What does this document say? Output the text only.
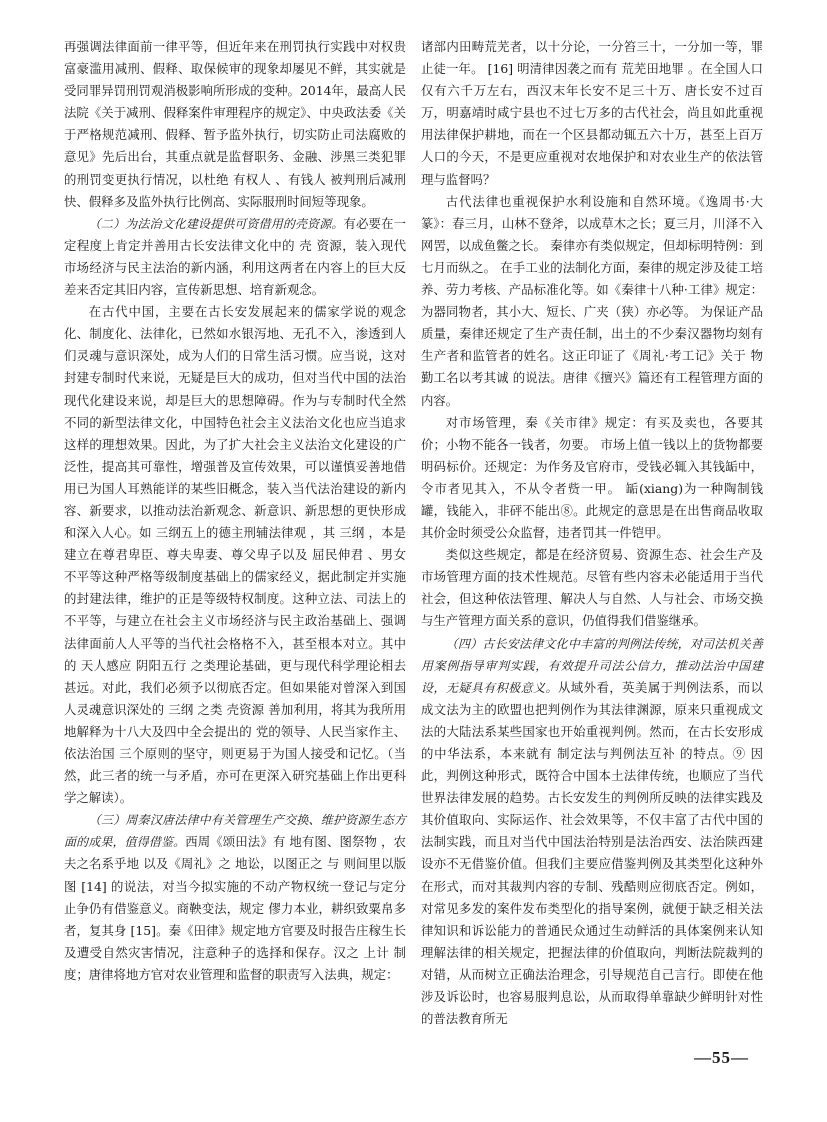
再强调法律面前一律平等，但近年来在刑罚执行实践中对权贵富豪滥用减刑、假释、取保候审的现象却屡见不鲜，其实就是受同罪异罚刑罚观消极影响所形成的变种。2014年，最高人民法院《关于减刑、假释案件审理程序的规定》、中央政法委《关于严格规范减刑、假释、暂予监外执行，切实防止司法腐败的意见》先后出台，其重点就是监督职务、金融、涉黑三类犯罪的刑罚变更执行情况，以杜绝 有权人 、有钱人 被判刑后减刑快、假释多及监外执行比例高、实际服刑时间短等现象。

（二）为法治文化建设提供可资借用的壳资源。有必要在一定程度上肯定并善用古长安法律文化中的 壳 资源，装入现代市场经济与民主法治的新内涵，利用这两者在内容上的巨大反差来否定其旧内容，宣传新思想、培育新观念。

在古代中国，主要在古长安发展起来的儒家学说的观念化、制度化、法律化，已然如水银泻地、无孔不入，渗透到人们灵魂与意识深处，成为人们的日常生活习惯。应当说，这对封建专制时代来说，无疑是巨大的成功，但对当代中国的法治现代化建设来说，却是巨大的思想障碍。作为与专制时代全然不同的新型法律文化，中国特色社会主义法治文化也应当追求这样的理想效果。因此，为了扩大社会主义法治文化建设的广泛性，提高其可靠性，增强普及宣传效果，可以谨慎妥善地借用已为国人耳熟能详的某些旧概念，装入当代法治建设的新内容、新要求，以推动法治新观念、新意识、新思想的更快形成和深入人心。如 三纲五上的德主刑辅法律观 ，其 三纲 ，本是建立在尊君卑臣、尊夫卑妻、尊父卑子以及 屈民伸君 、男女不平等这种严格等级制度基础上的儒家经义，据此制定并实施的封建法律，维护的正是等级特权制度。这种立法、司法上的不平等，与建立在社会主义市场经济与民主政治基础上、强调法律面前人人平等的当代社会格格不入，甚至根本对立。其中的 天人感应 阴阳五行 之类理论基础，更与现代科学理论相去甚远。对此，我们必须予以彻底否定。但如果能对曾深入到国人灵魂意识深处的 三纲 之类 壳资源 善加利用，将其为我所用地解释为十八大及四中全会提出的 党的领导、人民当家作主、依法治国 三个原则的坚守，则更易于为国人接受和记忆。（当然，此三者的统一与矛盾，亦可在更深入研究基础上作出更科学之解读）。

（三）周秦汉唐法律中有关管理生产交换、维护资源生态方面的成果，值得借鉴。西周《颂田法》有 地有图、图祭物 ，农夫之名系乎地 以及《周礼》之 地讼，以图正之 与 则间里以版图 [14] 的说法，对当今拟实施的不动产物权统一登记与定分止争仍有借鉴意义。商鞅变法，规定 僇力本业，耕织致粟帛多者，复其身 [15]。秦《田律》规定地方官要及时报告庄稼生长及遭受自然灾害情况，注意种子的选择和保存。汉之 上计 制度；唐律将地方官对农业管理和监督的职责写入法典，规定：

诸部内田畴荒芜者，以十分论，一分笞三十，一分加一等，罪止徒一年。 [16] 明清律因袭之而有 荒芜田地罪 。在全国人口仅有六千万左右，西汉末年长安不足三十万、唐长安不过百万，明嘉靖时咸宁县也不过七万多的古代社会，尚且如此重视用法律保护耕地，而在一个区县都动辄五六十万，甚至上百万人口的今天，不是更应重视对农地保护和对农业生产的依法管理与监督吗？

古代法律也重视保护水利设施和自然环境。《逸周书·大篆》：春三月，山林不登斧，以成草木之长；夏三月，川泽不入网罟，以成鱼鳖之长。 秦律亦有类似规定，但却标明特例：到七月而纵之。 在手工业的法制化方面，秦律的规定涉及徒工培养、劳力考核、产品标准化等。如《秦律十八种·工律》规定：为器同物者，其小大、短长、广夹（狭）亦必等。 为保证产品质量，秦律还规定了生产责任制，出土的不少秦汉器物均刻有生产者和监管者的姓名。这正印证了《周礼·考工记》关于 物勤工名以考其诚 的说法。唐律《擅兴》篇还有工程管理方面的内容。

对市场管理，秦《关市律》规定：有买及卖也，各要其价；小物不能各一钱者，勿要。 市场上值一钱以上的货物都要明码标价。还规定：为作务及官府市，受钱必辄入其钱缿中，令市者见其入，不从令者赀一甲。 缿(xiang)为一种陶制钱罐，钱能入，非砰不能出⑧。此规定的意思是在出售商品收取其价金时须受公众监督，违者罚其一件铠甲。

类似这些规定，都是在经济贸易、资源生态、社会生产及市场管理方面的技术性规范。尽管有些内容未必能适用于当代社会，但这种依法管理、解决人与自然、人与社会、市场交换与生产管理方面关系的意识，仍值得我们借鉴继承。

（四）古长安法律文化中丰富的判例法传统，对司法机关善用案例指导审判实践，有效提升司法公信力，推动法治中国建设，无疑具有积极意义。从域外看，英美属于判例法系，而以成文法为主的欧盟也把判例作为其法律渊源，原来只重视成文法的大陆法系某些国家也开始重视判例。然而，在古长安形成的中华法系，本来就有 制定法与判例法互补 的特点。⑨ 因此，判例这种形式，既符合中国本土法律传统，也顺应了当代世界法律发展的趋势。古长安发生的判例所反映的法律实践及其价值取向、实际运作、社会效果等，不仅丰富了古代中国的法制实践，而且对当代中国法治特别是法治西安、法治陕西建设亦不无借鉴价值。但我们主要应借鉴判例及其类型化这种外在形式，而对其裁判内容的专制、残酷则应彻底否定。例如，对常见多发的案件发布类型化的指导案例，就便于缺乏相关法律知识和诉讼能力的普通民众通过生动鲜活的具体案例来认知理解法律的相关规定，把握法律的价值取向，判断法院裁判的对错，从而树立正确法治理念，引导规范自己言行。即使在他涉及诉讼时，也容易服判息讼，从而取得单靠缺少鲜明针对性的普法教育所无

—55—
